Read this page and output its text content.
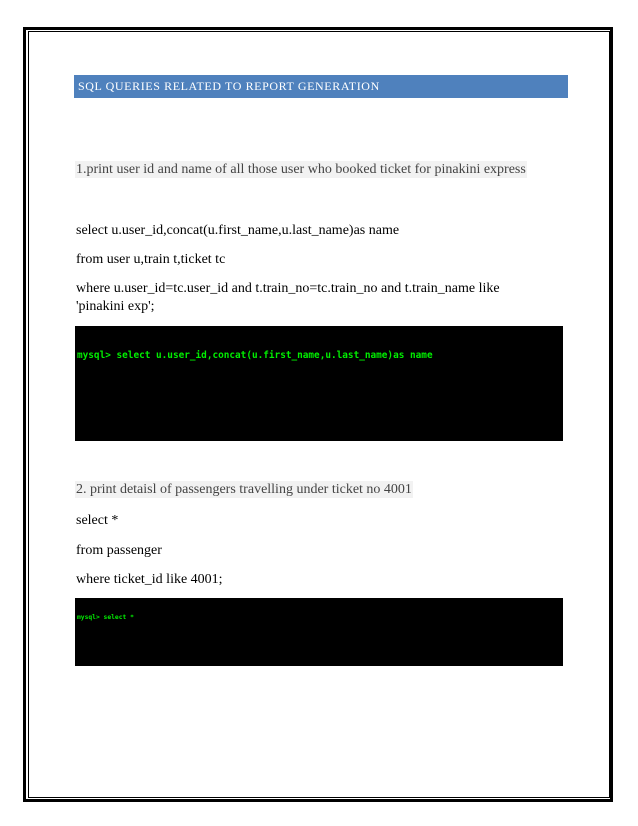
SQL QUERIES RELATED TO REPORT GENERATION
1.print user id and name of all those user who booked ticket for pinakini express
select u.user_id,concat(u.first_name,u.last_name)as name
from user u,train t,ticket tc
where u.user_id=tc.user_id and t.train_no=tc.train_no and t.train_name like
'pinakini exp';

mysql> select u.user_id,concat(u.first_name,u.last_name)as name

2. print detaisl of passengers travelling under ticket no 4001
select *
from passenger
where ticket_id like 4001;

mysql> select *
